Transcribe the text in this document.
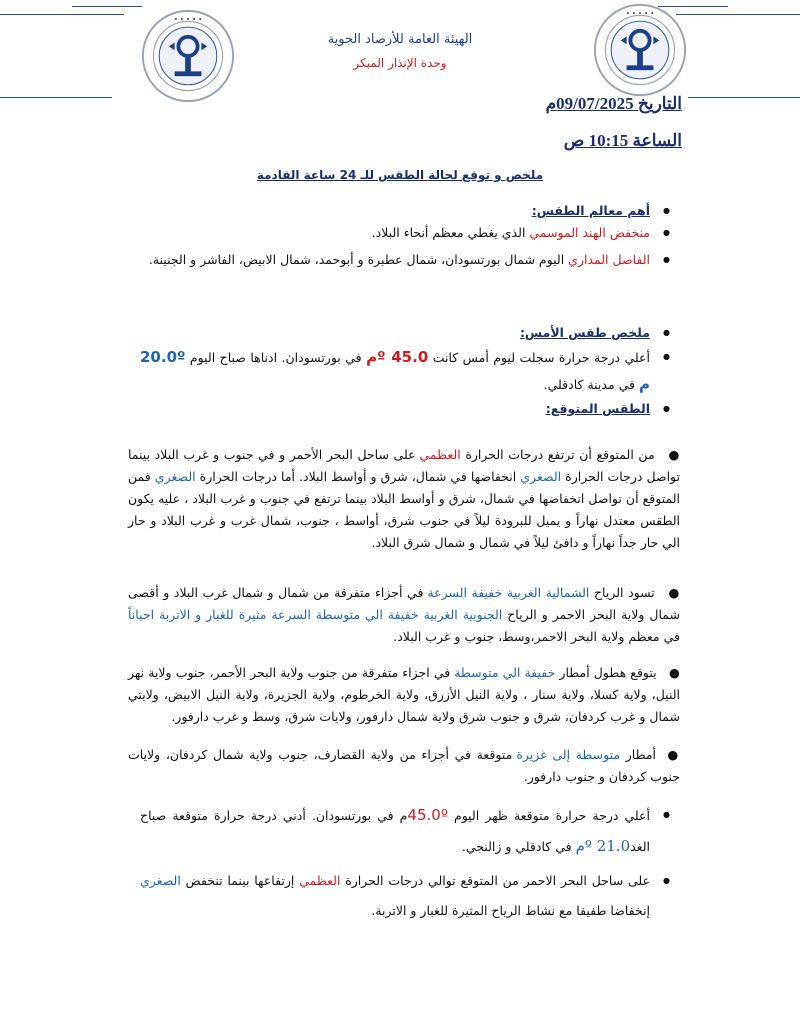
• • • • •
• • • • •
الهيئة العامة للأرصاد الجوية
وحدة الإنذار المبكر
التاريخ 09/07/2025م
الساعة 10:15 ص
ملخص و توقع لحالة الطقس للـ 24 ساعة القادمة
● أهم معالم الطقس:
● منخفض الهند الموسمي الذي يغطي معظم أنحاء البلاد.
● الفاصل المداري اليوم شمال بورتسودان، شمال عطبرة و أبوحمد، شمال الابيض، الفاشر و الجنينة.
● ملخص طقس الأمس:
● أعلي درجة حرارة سجلت ليوم أمس كانت 45.0 ºم في بورتسودان. ادناها صباح اليوم 20.0º م في مدينة كادقلي.
● الطقس المتوقع:
●   من المتوقع أن ترتفع درجات الحرارة العظمي على ساحل البحر الأحمر و في جنوب و غرب البلاد بينما تواصل درجات الحرارة الصغري انخفاضها في شمال، شرق و أواسط البلاد. أما درجات الحرارة الصغري فمن المتوقع أن تواصل انخفاضها في شمال، شرق و أواسط البلاد بينما ترتفع في جنوب و غرب البلاد ، عليه يكون الطقس معتدل نهاراً و يميل للبرودة ليلاً في جنوب شرق، أواسط ، جنوب، شمال غرب و غرب البلاد و حار الي حار جداً نهاراً و دافئ ليلاً في شمال و شمال شرق البلاد.
●   تسود الرياح الشمالية الغربية خفيفة السرعة في أجزاء متفرقة من شمال و شمال غرب البلاد و أقصى شمال ولاية البحر الاحمر و الرياح الجنوبية الغربية خفيفة الي متوسطة السرعة مثيرة للغبار و الاتربة احياناً في معظم ولاية البحر الاحمر،وسط، جنوب و غرب البلاد.
●   يتوقع هطول أمطار خفيفة الي متوسطة في اجزاء متفرقة من جنوب ولاية البحر الأحمر، جنوب ولاية نهر النيل، ولاية كسلا، ولاية سنار ، ولاية النيل الأزرق، ولاية الخرطوم، ولاية الجزيرة، ولاية النيل الابيض، ولايتي شمال و غرب كردفان، شرق و جنوب شرق ولاية شمال دارفور، ولايات شرق، وسط و غرب دارفور.
●  أمطار متوسطة إلى غزيرة متوقعة في أجزاء من ولاية القضارف، جنوب ولاية شمال كردفان، ولايات جنوب كردفان و جنوب دارفور.
● أعلي درجة حرارة متوقعة ظهر اليوم 45.0ºم في بورتسودان. أدني درجة حرارة متوقعة صباح الغد21.0 ºم في كادقلي و زالنجي.
● على ساحل البحر الاحمر من المتوقع توالي درجات الحرارة العظمي إرتفاعها بينما تنخفض الصغري إنخفاضا طفيفا مع نشاط الرياح المثيرة للغبار و الاتربة.
